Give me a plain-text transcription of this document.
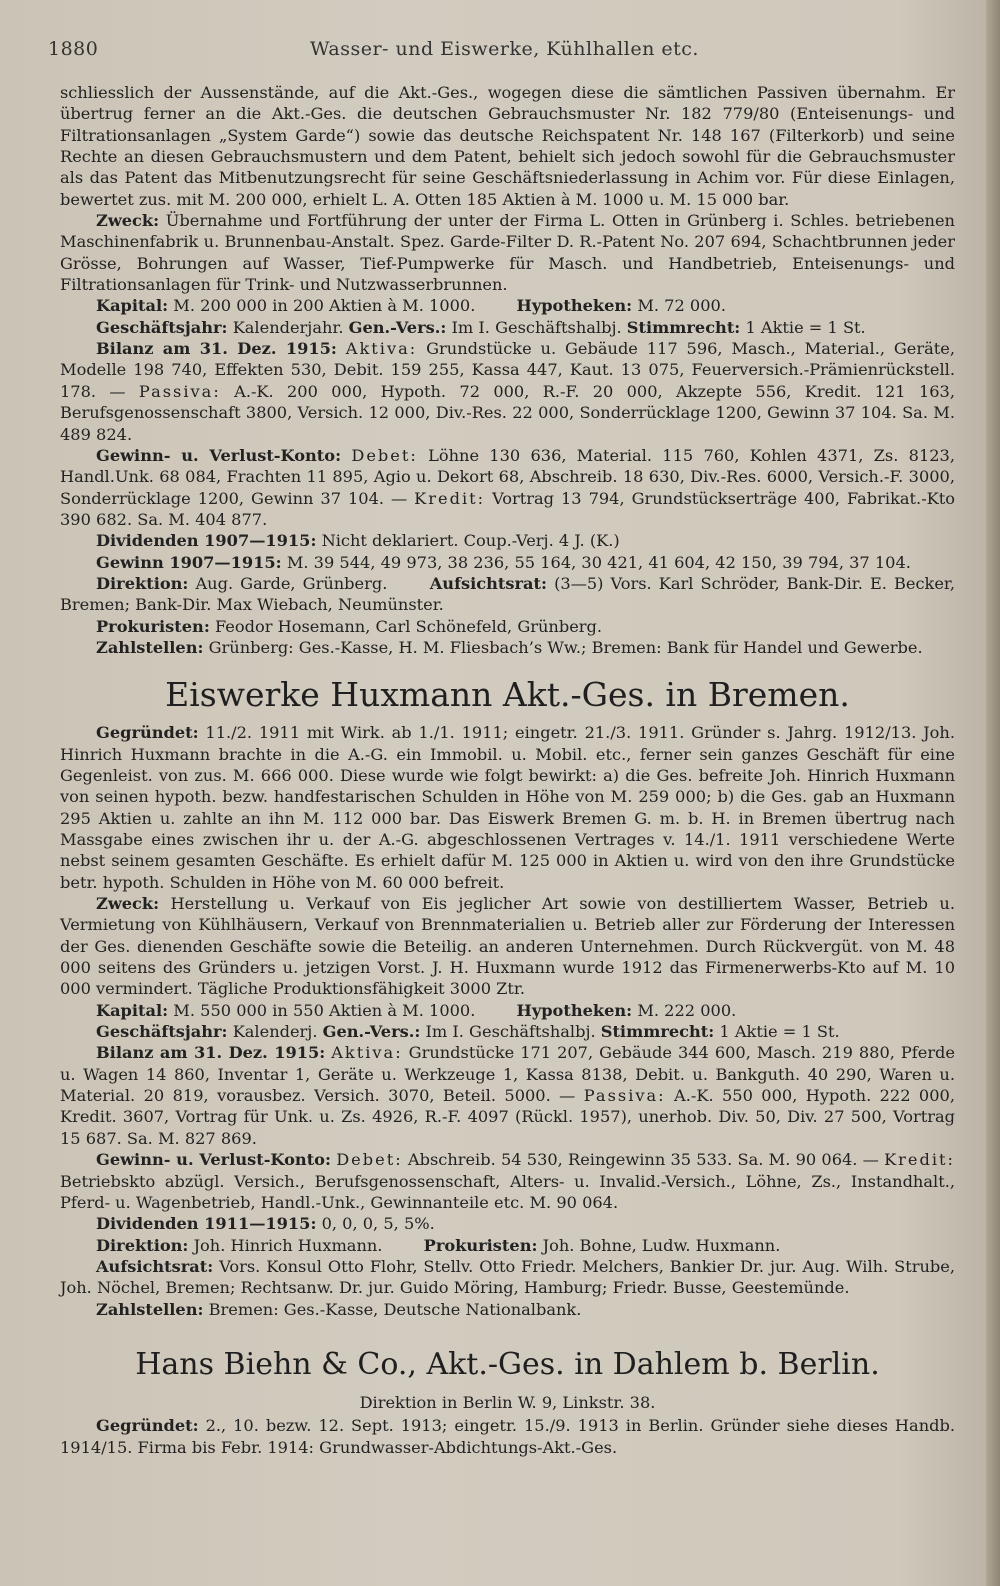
1880	Wasser- und Eiswerke, Kühlhallen etc.

schliesslich der Aussenstände, auf die Akt.-Ges., wogegen diese die sämtlichen Passiven übernahm. Er übertrug ferner an die Akt.-Ges. die deutschen Gebrauchsmuster Nr. 182 779/80 (Enteisenungs- und Filtrationsanlagen „System Garde“) sowie das deutsche Reichspatent Nr. 148 167 (Filterkorb) und seine Rechte an diesen Gebrauchsmustern und dem Patent, behielt sich jedoch sowohl für die Gebrauchsmuster als das Patent das Mitbenutzungsrecht für seine Geschäftsniederlassung in Achim vor. Für diese Einlagen, bewertet zus. mit M. 200 000, erhielt L. A. Otten 185 Aktien à M. 1000 u. M. 15 000 bar.

Zweck: Übernahme und Fortführung der unter der Firma L. Otten in Grünberg i. Schles. betriebenen Maschinenfabrik u. Brunnenbau-Anstalt. Spez. Garde-Filter D. R.-Patent No. 207 694, Schachtbrunnen jeder Grösse, Bohrungen auf Wasser, Tief-Pumpwerke für Masch. und Handbetrieb, Enteisenungs- und Filtrationsanlagen für Trink- und Nutzwasserbrunnen.

Kapital: M. 200 000 in 200 Aktien à M. 1000.	Hypotheken: M. 72 000.

Geschäftsjahr: Kalenderjahr. Gen.-Vers.: Im I. Geschäftshalbj. Stimmrecht: 1 Aktie = 1 St.

Bilanz am 31. Dez. 1915: Aktiva: Grundstücke u. Gebäude 117 596, Masch., Material., Geräte, Modelle 198 740, Effekten 530, Debit. 159 255, Kassa 447, Kaut. 13 075, Feuerversich.-Prämienrückstell. 178. — Passiva: A.-K. 200 000, Hypoth. 72 000, R.-F. 20 000, Akzepte 556, Kredit. 121 163, Berufsgenossenschaft 3800, Versich. 12 000, Div.-Res. 22 000, Sonderrücklage 1200, Gewinn 37 104. Sa. M. 489 824.

Gewinn- u. Verlust-Konto: Debet: Löhne 130 636, Material. 115 760, Kohlen 4371, Zs. 8123, Handl.Unk. 68 084, Frachten 11 895, Agio u. Dekort 68, Abschreib. 18 630, Div.-Res. 6000, Versich.-F. 3000, Sonderrücklage 1200, Gewinn 37 104. — Kredit: Vortrag 13 794, Grundstückserträge 400, Fabrikat.-Kto 390 682. Sa. M. 404 877.

Dividenden 1907—1915: Nicht deklariert. Coup.-Verj. 4 J. (K.)

Gewinn 1907—1915: M. 39 544, 49 973, 38 236, 55 164, 30 421, 41 604, 42 150, 39 794, 37 104.

Direktion: Aug. Garde, Grünberg.	Aufsichtsrat: (3—5) Vors. Karl Schröder, Bank-Dir. E. Becker, Bremen; Bank-Dir. Max Wiebach, Neumünster.

Prokuristen: Feodor Hosemann, Carl Schönefeld, Grünberg.

Zahlstellen: Grünberg: Ges.-Kasse, H. M. Fliesbach’s Ww.; Bremen: Bank für Handel und Gewerbe.

Eiswerke Huxmann Akt.-Ges. in Bremen.

Gegründet: 11./2. 1911 mit Wirk. ab 1./1. 1911; eingetr. 21./3. 1911. Gründer s. Jahrg. 1912/13. Joh. Hinrich Huxmann brachte in die A.-G. ein Immobil. u. Mobil. etc., ferner sein ganzes Geschäft für eine Gegenleist. von zus. M. 666 000. Diese wurde wie folgt bewirkt: a) die Ges. befreite Joh. Hinrich Huxmann von seinen hypoth. bezw. handfestarischen Schulden in Höhe von M. 259 000; b) die Ges. gab an Huxmann 295 Aktien u. zahlte an ihn M. 112 000 bar. Das Eiswerk Bremen G. m. b. H. in Bremen übertrug nach Massgabe eines zwischen ihr u. der A.-G. abgeschlossenen Vertrages v. 14./1. 1911 verschiedene Werte nebst seinem gesamten Geschäfte. Es erhielt dafür M. 125 000 in Aktien u. wird von den ihre Grundstücke betr. hypoth. Schulden in Höhe von M. 60 000 befreit.

Zweck: Herstellung u. Verkauf von Eis jeglicher Art sowie von destilliertem Wasser, Betrieb u. Vermietung von Kühlhäusern, Verkauf von Brennmaterialien u. Betrieb aller zur Förderung der Interessen der Ges. dienenden Geschäfte sowie die Beteilig. an anderen Unternehmen. Durch Rückvergüt. von M. 48 000 seitens des Gründers u. jetzigen Vorst. J. H. Huxmann wurde 1912 das Firmenerwerbs-Kto auf M. 10 000 vermindert. Tägliche Produktionsfähigkeit 3000 Ztr.

Kapital: M. 550 000 in 550 Aktien à M. 1000.	Hypotheken: M. 222 000.

Geschäftsjahr: Kalenderj. Gen.-Vers.: Im I. Geschäftshalbj. Stimmrecht: 1 Aktie = 1 St.

Bilanz am 31. Dez. 1915: Aktiva: Grundstücke 171 207, Gebäude 344 600, Masch. 219 880, Pferde u. Wagen 14 860, Inventar 1, Geräte u. Werkzeuge 1, Kassa 8138, Debit. u. Bankguth. 40 290, Waren u. Material. 20 819, vorausbez. Versich. 3070, Beteil. 5000. — Passiva: A.-K. 550 000, Hypoth. 222 000, Kredit. 3607, Vortrag für Unk. u. Zs. 4926, R.-F. 4097 (Rückl. 1957), unerhob. Div. 50, Div. 27 500, Vortrag 15 687. Sa. M. 827 869.

Gewinn- u. Verlust-Konto: Debet: Abschreib. 54 530, Reingewinn 35 533. Sa. M. 90 064. — Kredit: Betriebskto abzügl. Versich., Berufsgenossenschaft, Alters- u. Invalid.-Versich., Löhne, Zs., Instandhalt., Pferd- u. Wagenbetrieb, Handl.-Unk., Gewinnanteile etc. M. 90 064.

Dividenden 1911—1915: 0, 0, 0, 5, 5%.

Direktion: Joh. Hinrich Huxmann.	Prokuristen: Joh. Bohne, Ludw. Huxmann.

Aufsichtsrat: Vors. Konsul Otto Flohr, Stellv. Otto Friedr. Melchers, Bankier Dr. jur. Aug. Wilh. Strube, Joh. Nöchel, Bremen; Rechtsanw. Dr. jur. Guido Möring, Hamburg; Friedr. Busse, Geestemünde.

Zahlstellen: Bremen: Ges.-Kasse, Deutsche Nationalbank.

Hans Biehn & Co., Akt.-Ges. in Dahlem b. Berlin.

Direktion in Berlin W. 9, Linkstr. 38.

Gegründet: 2., 10. bezw. 12. Sept. 1913; eingetr. 15./9. 1913 in Berlin. Gründer siehe dieses Handb. 1914/15. Firma bis Febr. 1914: Grundwasser-Abdichtungs-Akt.-Ges.
